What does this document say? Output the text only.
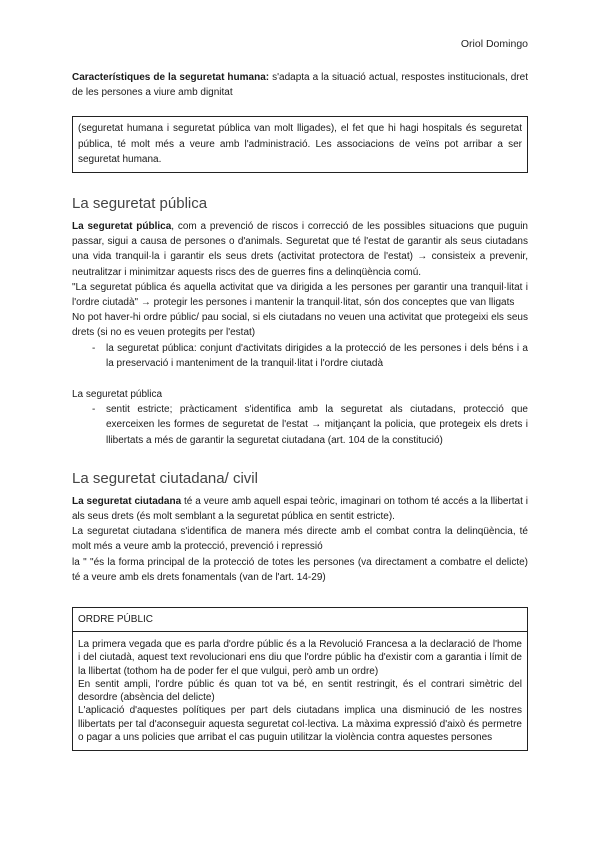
Oriol Domingo

Característiques de la seguretat humana: s'adapta a la situació actual, respostes institucionals, dret de les persones a viure amb dignitat

(seguretat humana i seguretat pública van molt lligades), el fet que hi hagi hospitals és seguretat pública, té molt més a veure amb l'administració. Les associacions de veïns pot arribar a ser seguretat humana.

La seguretat pública

La seguretat pública, com a prevenció de riscos i correcció de les possibles situacions que puguin passar, sigui a causa de persones o d'animals. Seguretat que té l'estat de garantir als seus ciutadans una vida tranquil·la i garantir els seus drets (activitat protectora de l'estat) → consisteix a prevenir, neutralitzar i minimitzar aquests riscs des de guerres fins a delinqüència comú.

"La seguretat pública és aquella activitat que va dirigida a les persones per garantir una tranquil·litat i l'ordre ciutadà" → protegir les persones i mantenir la tranquil·litat, són dos conceptes que van lligats

No pot haver-hi ordre públic/ pau social, si els ciutadans no veuen una activitat que protegeixi els seus drets (si no es veuen protegits per l'estat)

- la seguretat pública: conjunt d'activitats dirigides a la protecció de les persones i dels béns i a la preservació i manteniment de la tranquil·litat i l'ordre ciutadà

La seguretat pública

- sentit estricte; pràcticament s'identifica amb la seguretat als ciutadans, protecció que exerceixen les formes de seguretat de l'estat → mitjançant la policia, que protegeix els drets i llibertats a més de garantir la seguretat ciutadana (art. 104 de la constitució)
La seguretat ciutadana/ civil

La seguretat ciutadana té a veure amb aquell espai teòric, imaginari on tothom té accés a la llibertat i als seus drets (és molt semblant a la seguretat pública en sentit estricte).

La seguretat ciutadana s'identifica de manera més directe amb el combat contra la delinqüència, té molt més a veure amb la protecció, prevenció i repressió

la " "és la forma principal de la protecció de totes les persones (va directament a combatre el delicte) té a veure amb els drets fonamentals (van de l'art. 14-29)

ORDRE PÚBLIC

La primera vegada que es parla d'ordre públic és a la Revolució Francesa a la declaració de l'home i del ciutadà, aquest text revolucionari ens diu que l'ordre públic ha d'existir com a garantia i límit de la llibertat (tothom ha de poder fer el que vulgui, però amb un ordre)

En sentit ampli, l'ordre públic és quan tot va bé, en sentit restringit, és el contrari simètric del desordre (absència del delicte)

L'aplicació d'aquestes polítiques per part dels ciutadans implica una disminució de les nostres llibertats per tal d'aconseguir aquesta seguretat col·lectiva. La màxima expressió d'això és permetre o pagar a uns policies que arribat el cas puguin utilitzar la violència contra aquestes persones
